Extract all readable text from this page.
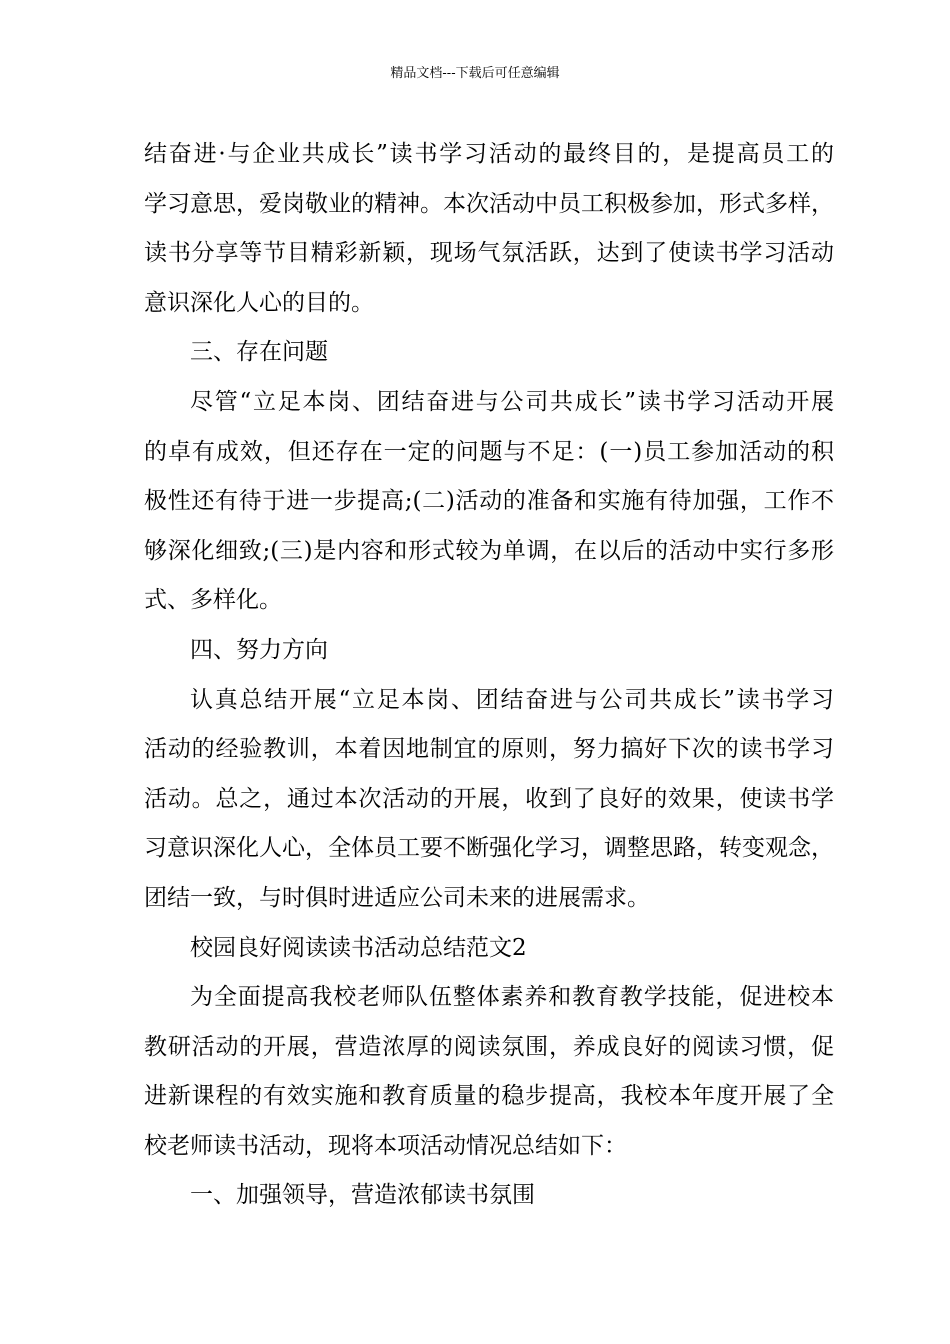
精品文档---下载后可任意编辑
结奋进·与企业共成长”读书学习活动的最终目的，是提高员工的
学习意思，爱岗敬业的精神。本次活动中员工积极参加，形式多样，
读书分享等节目精彩新颖，现场气氛活跃，达到了使读书学习活动
意识深化人心的目的。
三、存在问题
尽管“立足本岗、团结奋进与公司共成长”读书学习活动开展
的卓有成效，但还存在一定的问题与不足：(一)员工参加活动的积
极性还有待于进一步提高;(二)活动的准备和实施有待加强，工作不
够深化细致;(三)是内容和形式较为单调，在以后的活动中实行多形
式、多样化。
四、努力方向
认真总结开展“立足本岗、团结奋进与公司共成长”读书学习
活动的经验教训，本着因地制宜的原则，努力搞好下次的读书学习
活动。总之，通过本次活动的开展，收到了良好的效果，使读书学
习意识深化人心，全体员工要不断强化学习，调整思路，转变观念，
团结一致，与时俱时进适应公司未来的进展需求。
校园良好阅读读书活动总结范文2
为全面提高我校老师队伍整体素养和教育教学技能，促进校本
教研活动的开展，营造浓厚的阅读氛围，养成良好的阅读习惯，促
进新课程的有效实施和教育质量的稳步提高，我校本年度开展了全
校老师读书活动，现将本项活动情况总结如下：
一、加强领导，营造浓郁读书氛围
